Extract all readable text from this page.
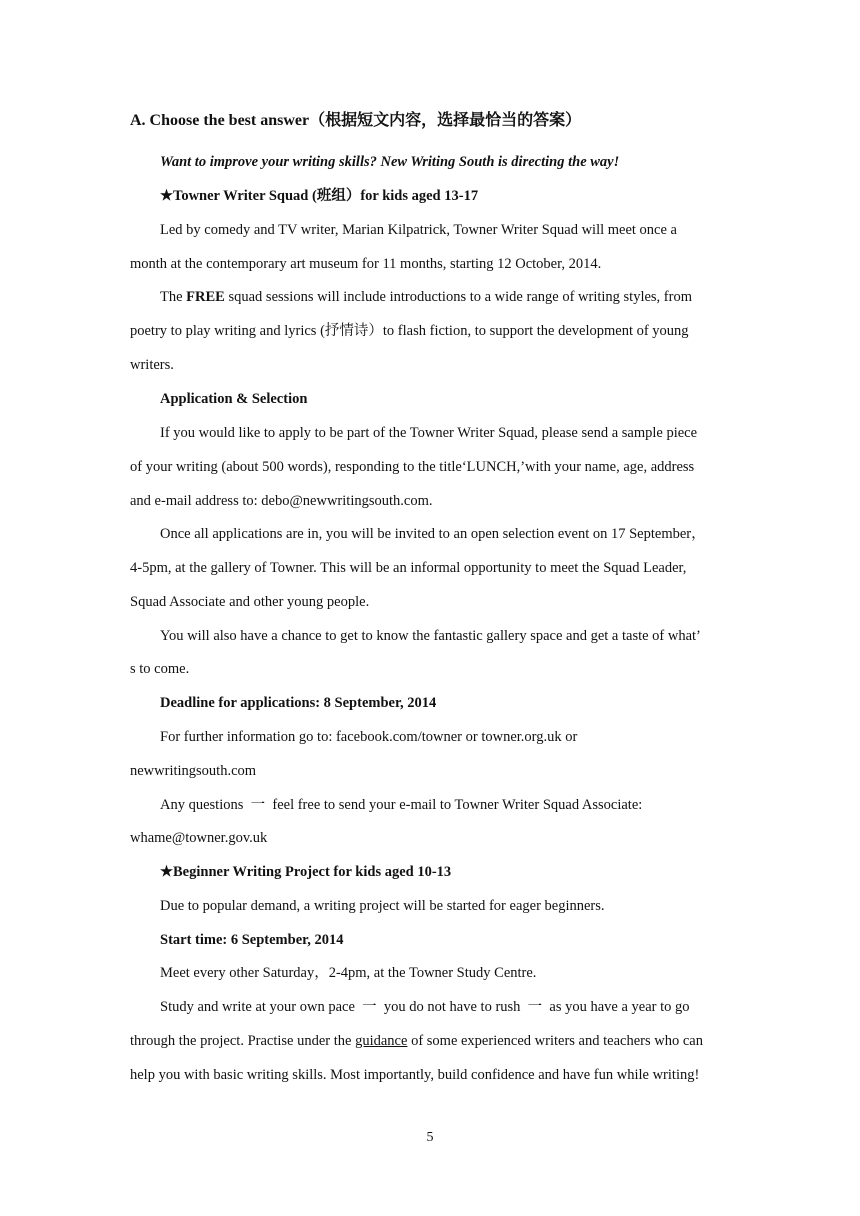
A. Choose the best answer（根据短文内容，选择最恰当的答案）
Want to improve your writing skills? New Writing South is directing the way!
★Towner Writer Squad (班组）for kids aged 13-17
Led by comedy and TV writer, Marian Kilpatrick, Towner Writer Squad will meet once a
month at the contemporary art museum for 11 months, starting 12 October, 2014.
The FREE squad sessions will include introductions to a wide range of writing styles, from
poetry to play writing and lyrics (抒情诗）to flash fiction, to support the development of young
writers.
Application & Selection
If you would like to apply to be part of the Towner Writer Squad, please send a sample piece
of your writing (about 500 words), responding to the title‘LUNCH,’with your name, age, address
and e-mail address to: debo@newwritingsouth.com.
Once all applications are in, you will be invited to an open selection event on 17 September，
4-5pm, at the gallery of Towner. This will be an informal opportunity to meet the Squad Leader,
Squad Associate and other young people.
You will also have a chance to get to know the fantastic gallery space and get a taste of what’
s to come.
Deadline for applications: 8 September, 2014
For further information go to: facebook.com/towner or towner.org.uk or
newwritingsouth.com
Any questions  一  feel free to send your e-mail to Towner Writer Squad Associate:
whame@towner.gov.uk
★Beginner Writing Project for kids aged 10-13
Due to popular demand, a writing project will be started for eager beginners.
Start time: 6 September, 2014
Meet every other Saturday，2-4pm, at the Towner Study Centre.
Study and write at your own pace  一  you do not have to rush  一  as you have a year to go
through the project. Practise under the guidance of some experienced writers and teachers who can
help you with basic writing skills. Most importantly, build confidence and have fun while writing!
5
